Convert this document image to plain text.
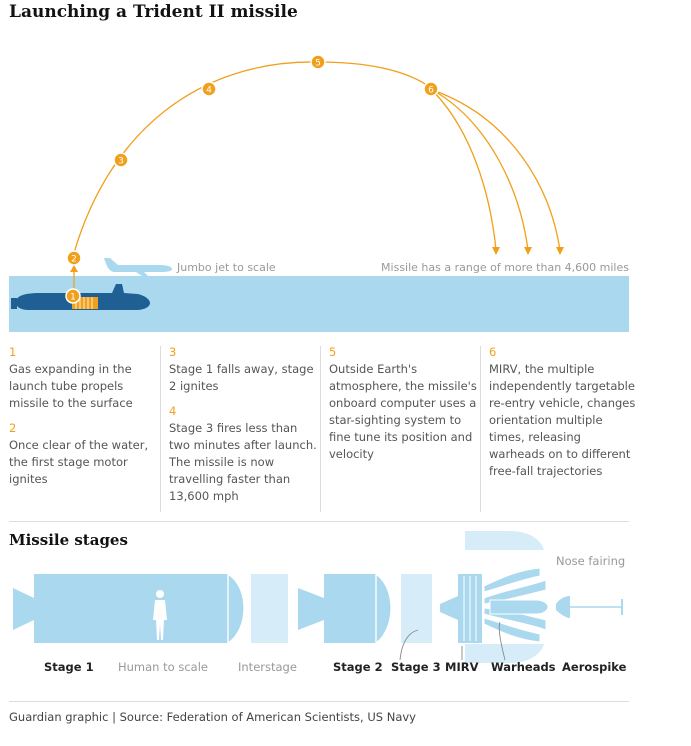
Launching a Trident II missile
1
2
3
4
5
6
Jumbo jet to scale	Missile has a range of more than 4,600 miles
Stage 1 Human to scale	Interstage	Stage 2 Stage 3 MIRV Warheads Aerospike
Nose fairing
1

Gas expanding in the launch tube propels missile to the surface

2

Once clear of the water, the first stage motor ignites

3

Stage 1 falls away, stage 2 ignites

4

Stage 3 fires less than two minutes after launch. The missile is now travelling faster than 13,600 mph

5

Outside Earth's atmosphere, the missile's onboard computer uses a star-sighting system to fine tune its position and velocity

6

MIRV, the multiple independently targetable re-entry vehicle, changes orientation multiple times, releasing warheads on to different free-fall trajectories

Missile stages
Guardian graphic | Source: Federation of American Scientists, US Navy
